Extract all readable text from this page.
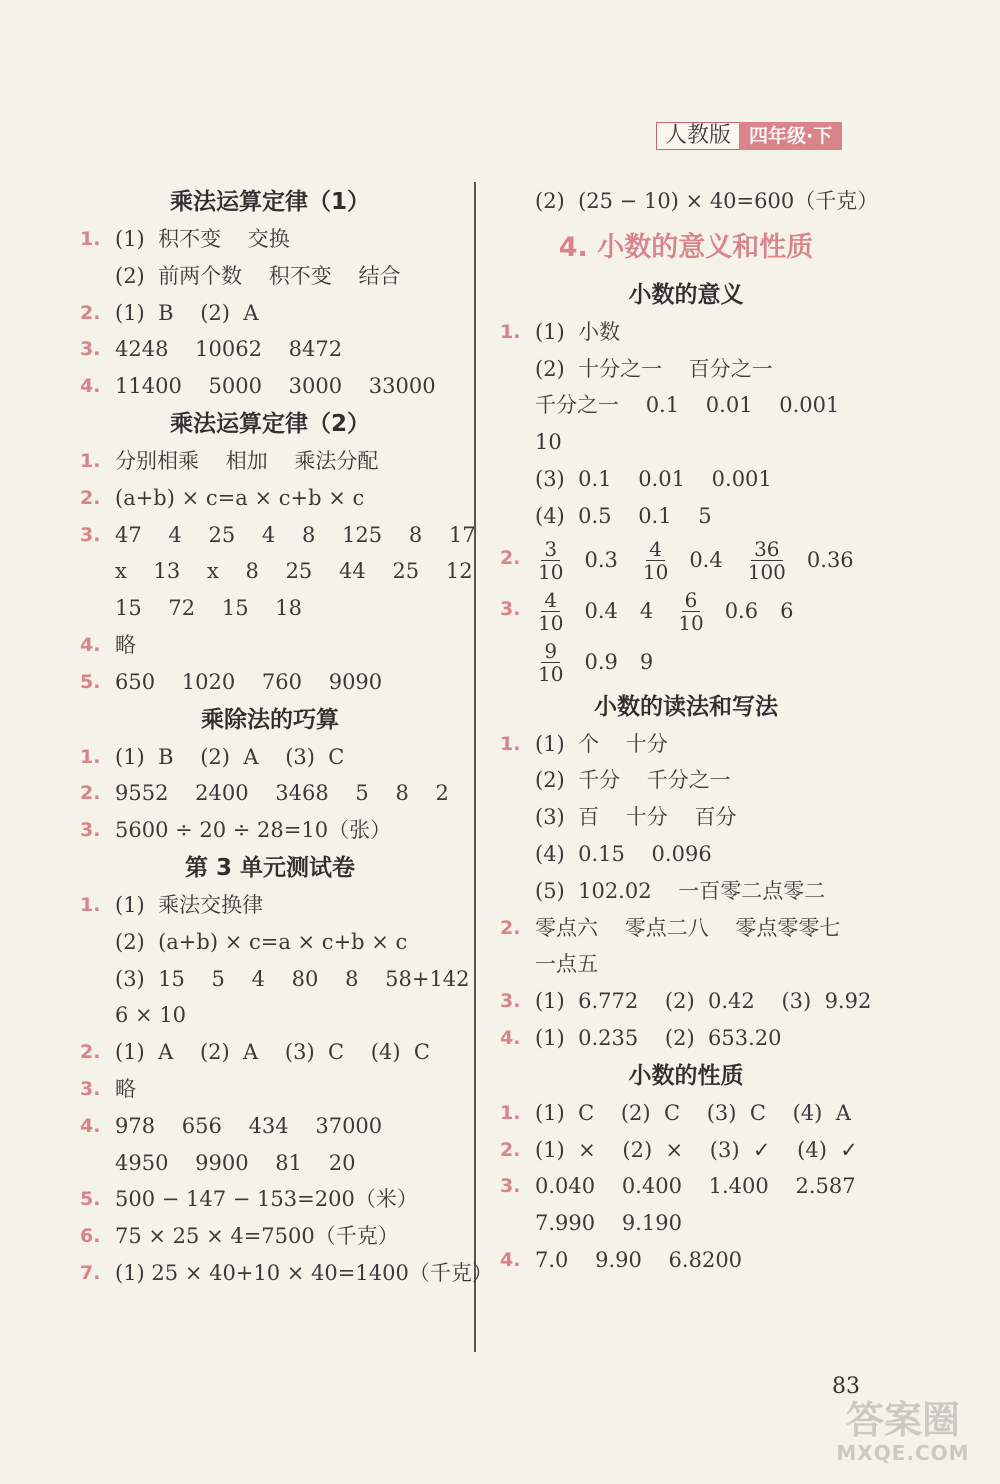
人教版 四年级·下
乘法运算定律（1）
1. (1)  积不变    交换
(2)  前两个数    积不变    结合
2. (1)  B    (2)  A
3. 4248    10062    8472
4. 11400    5000    3000    33000
乘法运算定律（2）
1. 分别相乘    相加    乘法分配
2. (a+b) × c=a × c+b × c
3. 47    4    25    4    8    125    8    17
x    13    x    8    25    44    25    12
15    72    15    18
4. 略
5. 650    1020    760    9090
乘除法的巧算
1. (1)  B    (2)  A    (3)  C
2. 9552    2400    3468    5    8    2
3. 5600 ÷ 20 ÷ 28=10（张）
第 3 单元测试卷
1. (1)  乘法交换律
(2)  (a+b) × c=a × c+b × c
(3)  15    5    4    80    8    58+142
6 × 10
2. (1)  A    (2)  A    (3)  C    (4)  C
3. 略
4. 978    656    434    37000
4950    9900    81    20
5. 500 − 147 − 153=200（米）
6. 75 × 25 × 4=7500（千克）
7. (1) 25 × 40+10 × 40=1400（千克）
(2)  (25 − 10) × 40=600（千克）
4. 小数的意义和性质
小数的意义
1. (1)  小数
(2)  十分之一    百分之一
千分之一    0.1    0.01    0.001
10
(3)  0.1    0.01    0.001
(4)  0.5    0.1    5
2. $\frac{3}{10} 0.3 \frac{4}{10} 0.4 \frac{36}{100} 0.36$
3. $\frac{4}{10} 0.4$ $4 \frac{6}{10} 0.6$ 6
$\frac{9}{10} 0.9$ 9
小数的读法和写法
1. (1)  个    十分
(2)  千分    千分之一
(3)  百    十分    百分
(4)  0.15    0.096
(5)  102.02    一百零二点零二
2. 零点六    零点二八    零点零零七
一点五
3. (1)  6.772    (2)  0.42    (3)  9.92
4. (1)  0.235    (2)  653.20
小数的性质
1. (1)  C    (2)  C    (3)  C    (4)  A
2. (1)  ×    (2)  ×    (3)  ✓    (4)  ✓
3. 0.040    0.400    1.400    2.587
7.990    9.190
4. 7.0    9.90    6.8200
83
答案圈
MXQE.COM
